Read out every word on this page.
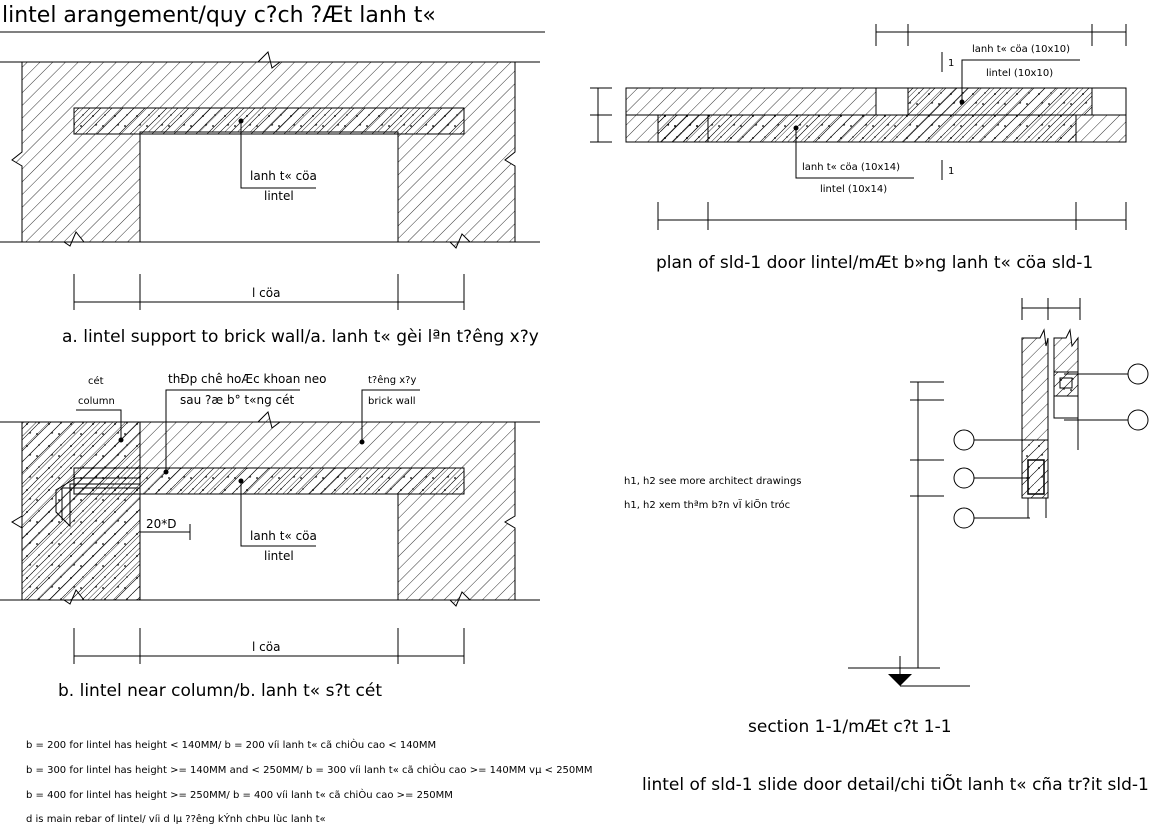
lintel arangement/quy c?ch ?Æt lanh t«
lanh t« cöa
lintel
l cöa
a. lintel support to brick wall/a. lanh t« gèi lªn t?êng x?y
20*D
cét
column
thÐp chê hoÆc khoan neo
sau ?æ b° t«ng cét
t?êng x?y
brick wall
lanh t« cöa
lintel
l cöa
b. lintel near column/b. lanh t« s?t cét
b = 200 for lintel has height < 140MM/ b = 200 víi lanh t« cã chiÒu cao < 140MM
b = 300 for lintel has height >= 140MM and < 250MM/ b = 300 víi lanh t« cã chiÒu cao >= 140MM vµ < 250MM
b = 400 for lintel has height >= 250MM/ b = 400 víi lanh t« cã chiÒu cao >= 250MM
d is main rebar of lintel/ víi d lµ ??êng kÝnh chÞu lùc lanh t«
lanh t« cöa (10x10)
lintel (10x10)
1
lanh t« cöa (10x14)
lintel (10x14)
1
plan of sld-1 door lintel/mÆt b»ng lanh t« cöa sld-1
h1, h2 see more architect drawings
h1, h2 xem thªm b?n vÏ kiÕn tróc
section 1-1/mÆt c?t 1-1
lintel of sld-1 slide door detail/chi tiÕt lanh t« cña tr?it sld-1
